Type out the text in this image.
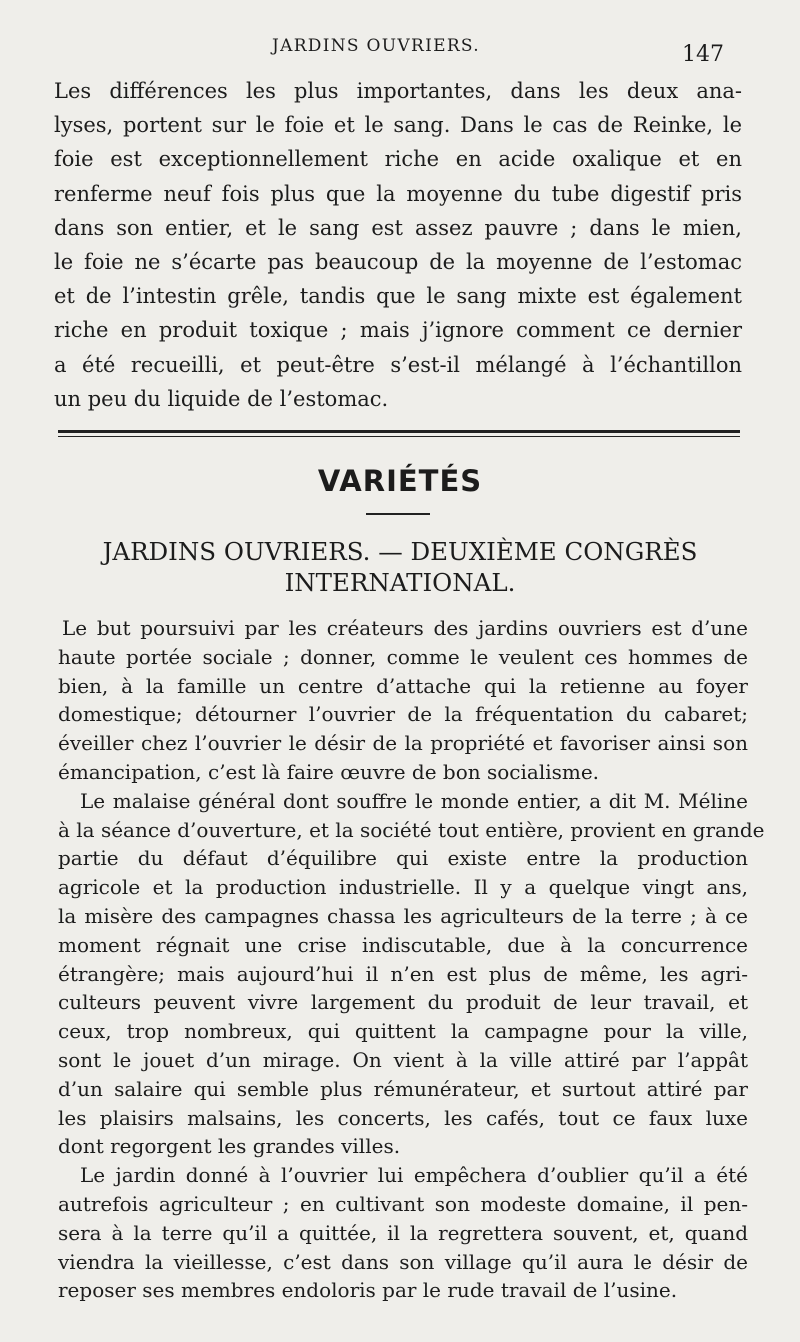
JARDINS OUVRIERS.	147
Les différences les plus importantes, dans les deux ana-
lyses, portent sur le foie et le sang. Dans le cas de Reinke, le
foie est exceptionnellement riche en acide oxalique et en
renferme neuf fois plus que la moyenne du tube digestif pris
dans son entier, et le sang est assez pauvre ; dans le mien,
le foie ne s’écarte pas beaucoup de la moyenne de l’estomac
et de l’intestin grêle, tandis que le sang mixte est également
riche en produit toxique ; mais j’ignore comment ce dernier
a été recueilli, et peut-être s’est-il mélangé à l’échantillon
un peu du liquide de l’estomac.
VARIÉTÉS
JARDINS OUVRIERS. — DEUXIÈME CONGRÈS
INTERNATIONAL.
Le but poursuivi par les créateurs des jardins ouvriers est d’une
haute portée sociale ; donner, comme le veulent ces hommes de
bien, à la famille un centre d’attache qui la retienne au foyer
domestique; détourner l’ouvrier de la fréquentation du cabaret;
éveiller chez l’ouvrier le désir de la propriété et favoriser ainsi son
émancipation, c’est là faire œuvre de bon socialisme.
Le malaise général dont souffre le monde entier, a dit M. Méline
à la séance d’ouverture, et la société tout entière, provient en grande
partie du défaut d’équilibre qui existe entre la production
agricole et la production industrielle. Il y a quelque vingt ans,
la misère des campagnes chassa les agriculteurs de la terre ; à ce
moment régnait une crise indiscutable, due à la concurrence
étrangère; mais aujourd’hui il n’en est plus de même, les agri-
culteurs peuvent vivre largement du produit de leur travail, et
ceux, trop nombreux, qui quittent la campagne pour la ville,
sont le jouet d’un mirage. On vient à la ville attiré par l’appât
d’un salaire qui semble plus rémunérateur, et surtout attiré par
les plaisirs malsains, les concerts, les cafés, tout ce faux luxe
dont regorgent les grandes villes.
Le jardin donné à l’ouvrier lui empêchera d’oublier qu’il a été
autrefois agriculteur ; en cultivant son modeste domaine, il pen-
sera à la terre qu’il a quittée, il la regrettera souvent, et, quand
viendra la vieillesse, c’est dans son village qu’il aura le désir de
reposer ses membres endoloris par le rude travail de l’usine.
